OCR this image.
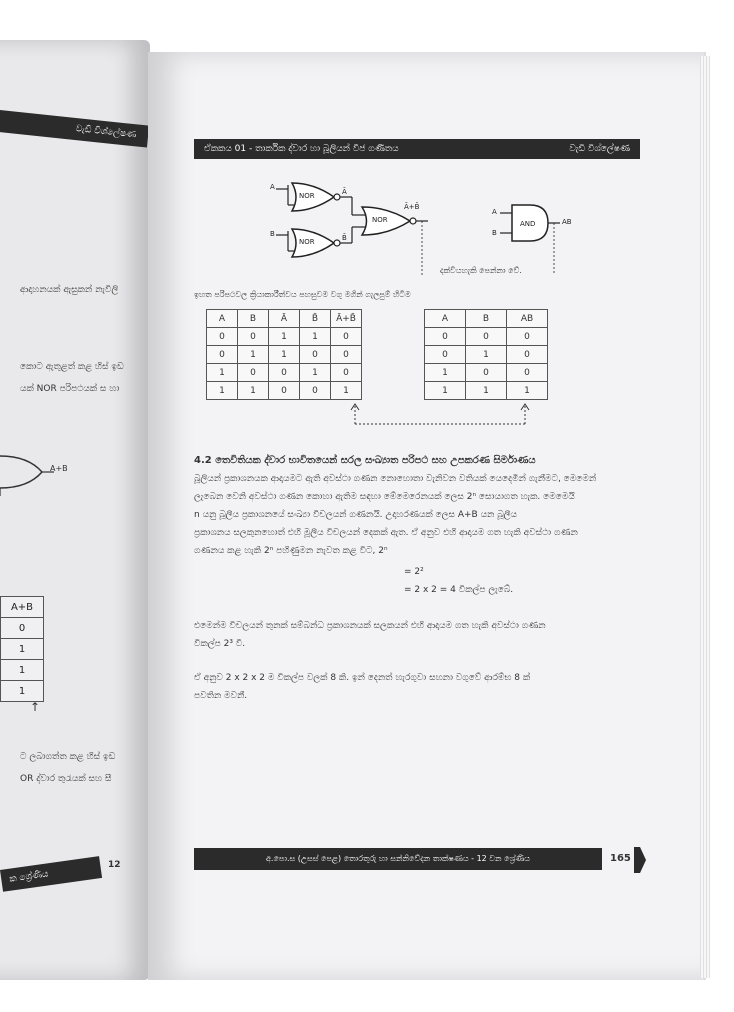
වැඩි විශ්ලේෂණ
ආදාහනයක් ඇසුකන් නැවිලි
කොට ඇතුළත් කළ හිස් ඉඩ
යක් NOR පරිපථයක් ස හා
A+B
A+B
0
1
1
1
↑
ට ලබාගත්ත කළ හිස් ඉඩ
OR ද්වාර තුරැයක් සහ සී
ක ශ්‍රේණිය
12
ඒකකය 01 - තාර්කික ද්වාර හා බූලියන් වීජ ගණිතය	වැඩි විශ්ලේෂණ
NOR
NOR
NOR	AND
A
B
Ā
B̄
Ā+B̄
A
B
AB
දක්වියහැකි පෙන්නා වේ.
ඉහත පරිපථවල ක්‍රියාකාරීත්වය පහසුවම වගු මගින් ගැලපුම් හිටිම
A	B	Ā	B̄	Ā+B̄
0	0	1	1	0
0	1	1	0	0
1	0	0	1	0
1	1	0	0	1
A	B	AB
0	0	0
0	1	0
1	0	0
1	1	1
4.2 තෙවිතියක ද්වාර භාවිතයෙන් සරල සංඛ්‍යාත පරිපථ සහ උපකරණ සිර්මාණය
බූලියන් ප්‍රකාශනයක ආදායමට ඇති අවස්ථා ගණන නොහොතා වැනිවන වතියක් යෙදෙමින් ගැනීමට, මෙමෙන්
ලැබෙන වෙනි අවස්ථා ගණන කොහා ඇතිම සඳහා මේමෙරෙනයක් ලෙස 2ⁿ සොයාගත හැක. මෙමෙයි
n යනු බූලීය ප්‍රකාශනයේ සංඛ්‍යා විචලයන් ගණනයි. උදාහරණයක් ලෙස A+B යන බූලීය
ප්‍රකාශනය සලකුනහොත් එහි මූලීය විචලයන් දෙකක් ඇත. ඒ අනුව එහි ආදායම ගත හැකි අවස්ථා ගණන
ගණනය කළ හැකි 2ⁿ පහිණුමන නැවත කළ විට, 2ⁿ
= 2²
= 2 x 2 = 4 විකල්ප ලැබේ.
එමෙන්ම විචලයන් තුනක් සම්බන්ධ ප්‍රකාශනයක් සලකයන් එහි ආදායම ගත හැකි අවස්ථා ගණන
විකල්ප 2³ වී.
ඒ අනුව 2 x 2 x 2 ම විකල්ප වලක් 8 කි. ඉන් දෙනත් හැරගුවා සහනා වගුවේ ආරම්භ 8 ක්
පවතින මවනී.
අ.පො.ස (උසස් පෙළ) තොරතුරු හා සන්නිවේදන තාක්ෂණය - 12 වන ශ්‍රේණිය	165
